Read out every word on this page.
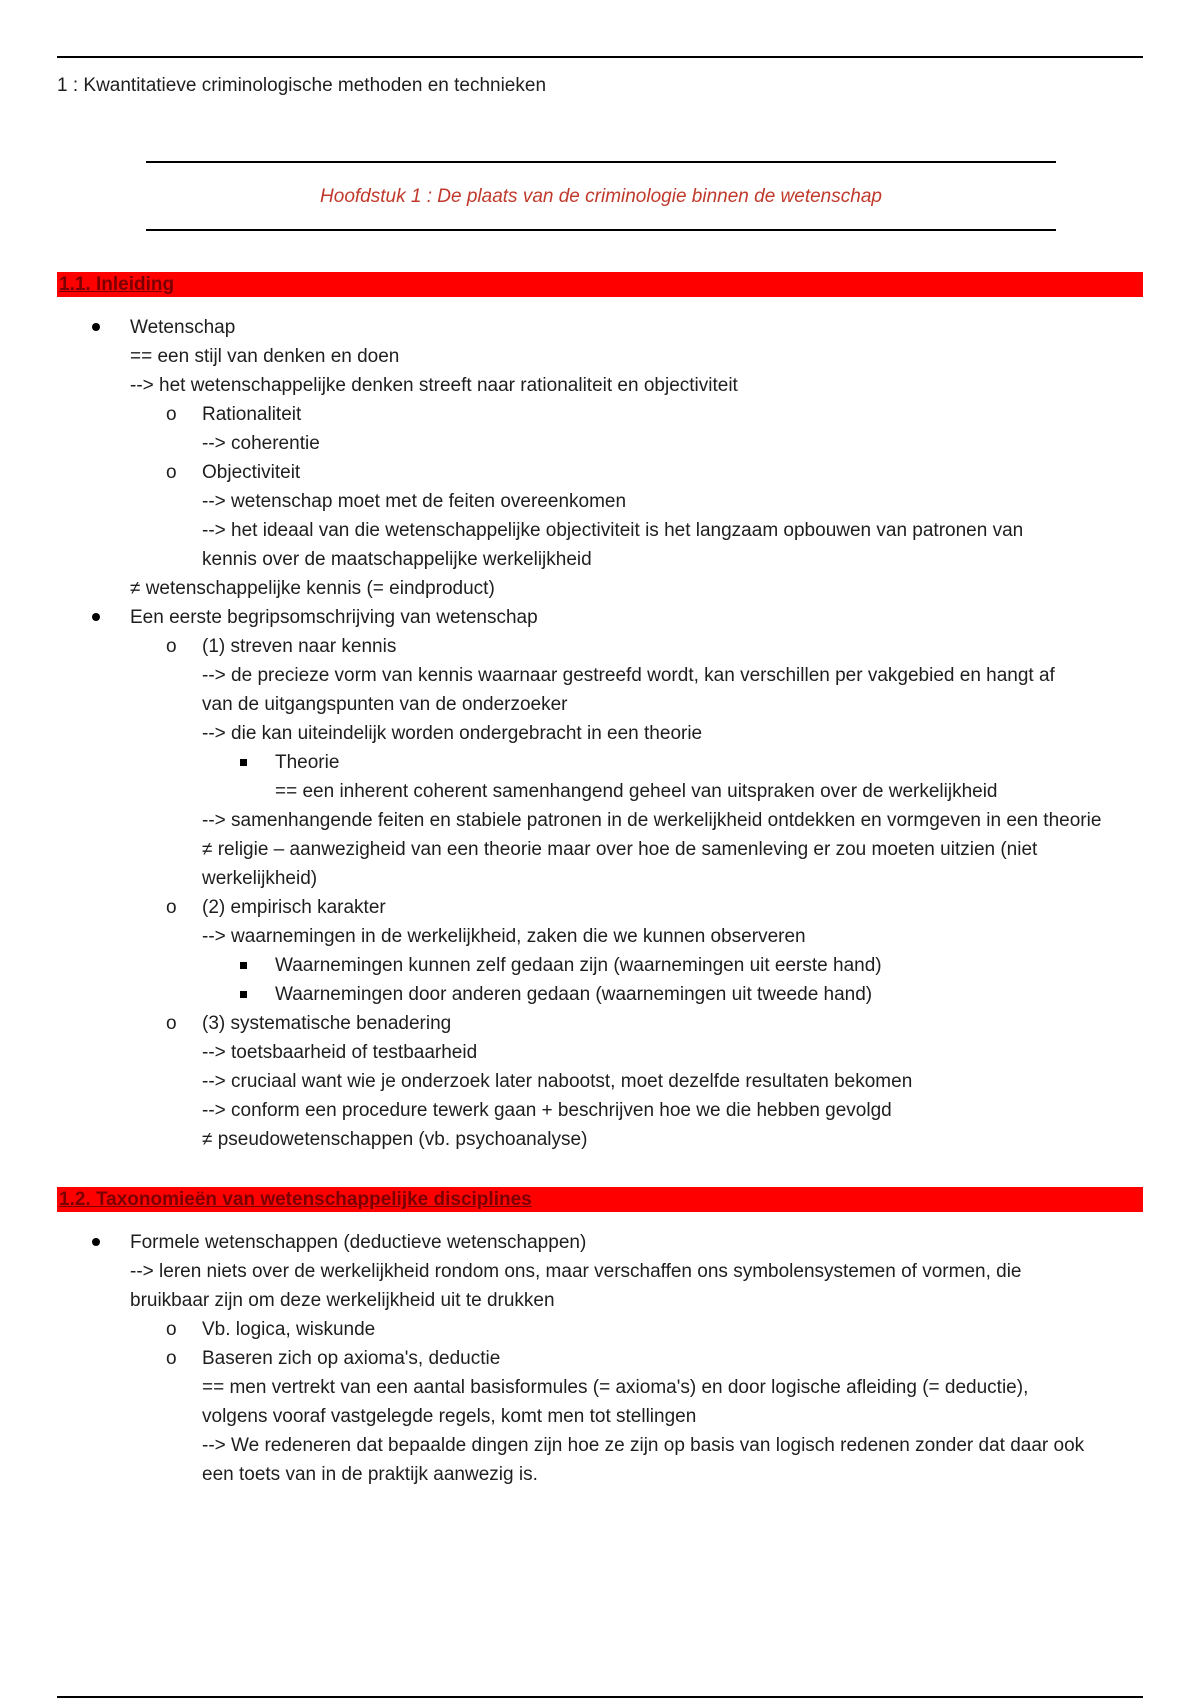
1 : Kwantitatieve criminologische methoden en technieken
Hoofdstuk 1 : De plaats van de criminologie binnen de wetenschap
1.1. Inleiding
Wetenschap
== een stijl van denken en doen
--> het wetenschappelijke denken streeft naar rationaliteit en objectiviteit
o Rationaliteit
--> coherentie
o Objectiviteit
--> wetenschap moet met de feiten overeenkomen
--> het ideaal van die wetenschappelijke objectiviteit is het langzaam opbouwen van patronen van
kennis over de maatschappelijke werkelijkheid
≠ wetenschappelijke kennis (= eindproduct)
Een eerste begripsomschrijving van wetenschap
o (1) streven naar kennis
--> de precieze vorm van kennis waarnaar gestreefd wordt, kan verschillen per vakgebied en hangt af
van de uitgangspunten van de onderzoeker
--> die kan uiteindelijk worden ondergebracht in een theorie
Theorie
== een inherent coherent samenhangend geheel van uitspraken over de werkelijkheid
--> samenhangende feiten en stabiele patronen in de werkelijkheid ontdekken en vormgeven in een theorie
≠ religie – aanwezigheid van een theorie maar over hoe de samenleving er zou moeten uitzien (niet
werkelijkheid)
o (2) empirisch karakter
--> waarnemingen in de werkelijkheid, zaken die we kunnen observeren
Waarnemingen kunnen zelf gedaan zijn (waarnemingen uit eerste hand)
Waarnemingen door anderen gedaan (waarnemingen uit tweede hand)
o (3) systematische benadering
--> toetsbaarheid of testbaarheid
--> cruciaal want wie je onderzoek later nabootst, moet dezelfde resultaten bekomen
--> conform een procedure tewerk gaan + beschrijven hoe we die hebben gevolgd
≠ pseudowetenschappen (vb. psychoanalyse)
1.2. Taxonomieën van wetenschappelijke disciplines
Formele wetenschappen (deductieve wetenschappen)
--> leren niets over de werkelijkheid rondom ons, maar verschaffen ons symbolensystemen of vormen, die
bruikbaar zijn om deze werkelijkheid uit te drukken
o Vb. logica, wiskunde
o Baseren zich op axioma's, deductie
== men vertrekt van een aantal basisformules (= axioma's) en door logische afleiding (= deductie),
volgens vooraf vastgelegde regels, komt men tot stellingen
--> We redeneren dat bepaalde dingen zijn hoe ze zijn op basis van logisch redenen zonder dat daar ook
een toets van in de praktijk aanwezig is.
